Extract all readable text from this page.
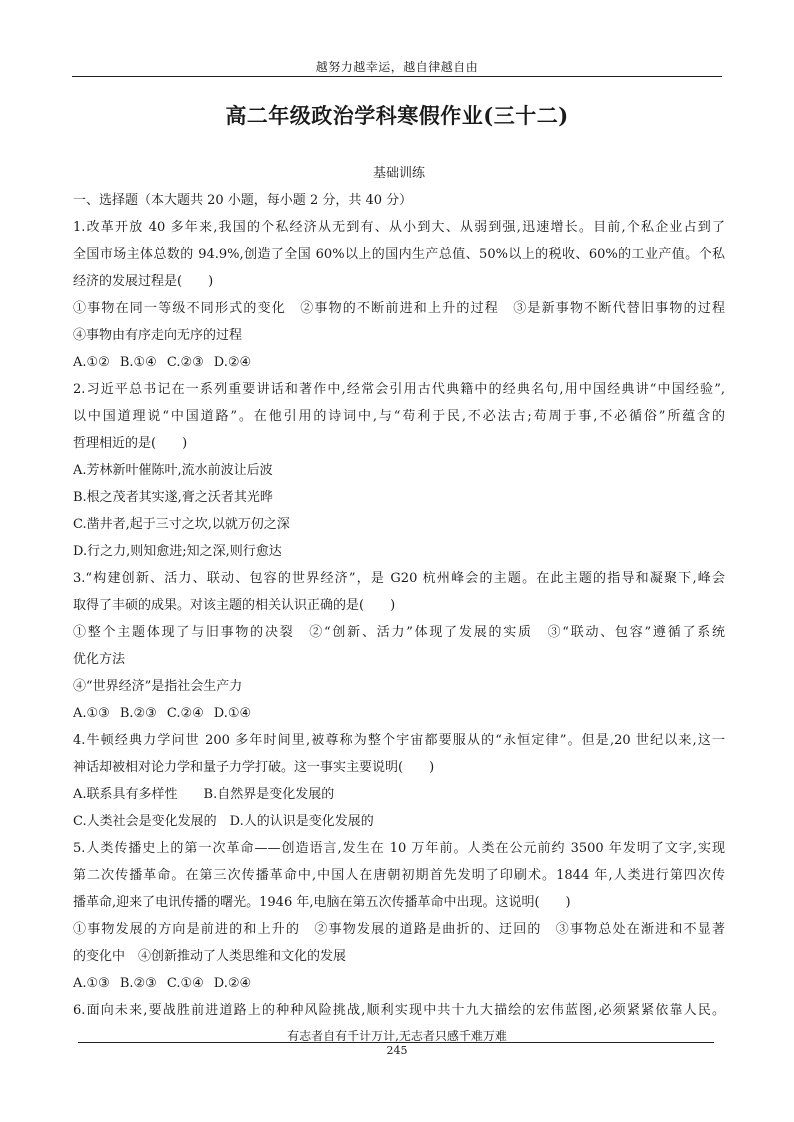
越努力越幸运，越自律越自由
高二年级政治学科寒假作业(三十二)
基础训练
一、选择题（本大题共 20 小题，每小题 2 分，共 40 分）
1.改革开放 40 多年来,我国的个私经济从无到有、从小到大、从弱到强,迅速增长。目前,个私企业占到了
全国市场主体总数的 94.9%,创造了全国 60%以上的国内生产总值、50%以上的税收、60%的工业产值。个私
经济的发展过程是(　　)
①事物在同一等级不同形式的变化　②事物的不断前进和上升的过程　③是新事物不断代替旧事物的过程
④事物由有序走向无序的过程
A.①② B.①④ C.②③ D.②④
2.习近平总书记在一系列重要讲话和著作中,经常会引用古代典籍中的经典名句,用中国经典讲“中国经验”,
以中国道理说“中国道路”。在他引用的诗词中,与“苟利于民,不必法古;苟周于事,不必循俗”所蕴含的
哲理相近的是(　　)
A.芳林新叶催陈叶,流水前波让后波
B.根之茂者其实遂,膏之沃者其光晔
C.凿井者,起于三寸之坎,以就万仞之深
D.行之力,则知愈进;知之深,则行愈达
3.“构建创新、活力、联动、包容的世界经济”，是 G20 杭州峰会的主题。在此主题的指导和凝聚下,峰会
取得了丰硕的成果。对该主题的相关认识正确的是(　　)
①整个主题体现了与旧事物的决裂　②“创新、活力”体现了发展的实质　③“联动、包容”遵循了系统
优化方法
④“世界经济”是指社会生产力
A.①③ B.②③ C.②④ D.①④
4.牛顿经典力学问世 200 多年时间里,被尊称为整个宇宙都要服从的“永恒定律”。但是,20 世纪以来,这一
神话却被相对论力学和量子力学打破。这一事实主要说明(　　)
A.联系具有多样性　　B.自然界是变化发展的
C.人类社会是变化发展的　D.人的认识是变化发展的
5.人类传播史上的第一次革命——创造语言,发生在 10 万年前。人类在公元前约 3500 年发明了文字,实现
第二次传播革命。在第三次传播革命中,中国人在唐朝初期首先发明了印刷术。1844 年,人类进行第四次传
播革命,迎来了电讯传播的曙光。1946 年,电脑在第五次传播革命中出现。这说明(　　)
①事物发展的方向是前进的和上升的　②事物发展的道路是曲折的、迂回的　③事物总处在渐进和不显著
的变化中　④创新推动了人类思维和文化的发展
A.①③ B.②③ C.①④ D.②④
6.面向未来,要战胜前进道路上的种种风险挑战,顺利实现中共十九大描绘的宏伟蓝图,必须紧紧依靠人民。
有志者自有千计万计,无志者只感千难万难
245
